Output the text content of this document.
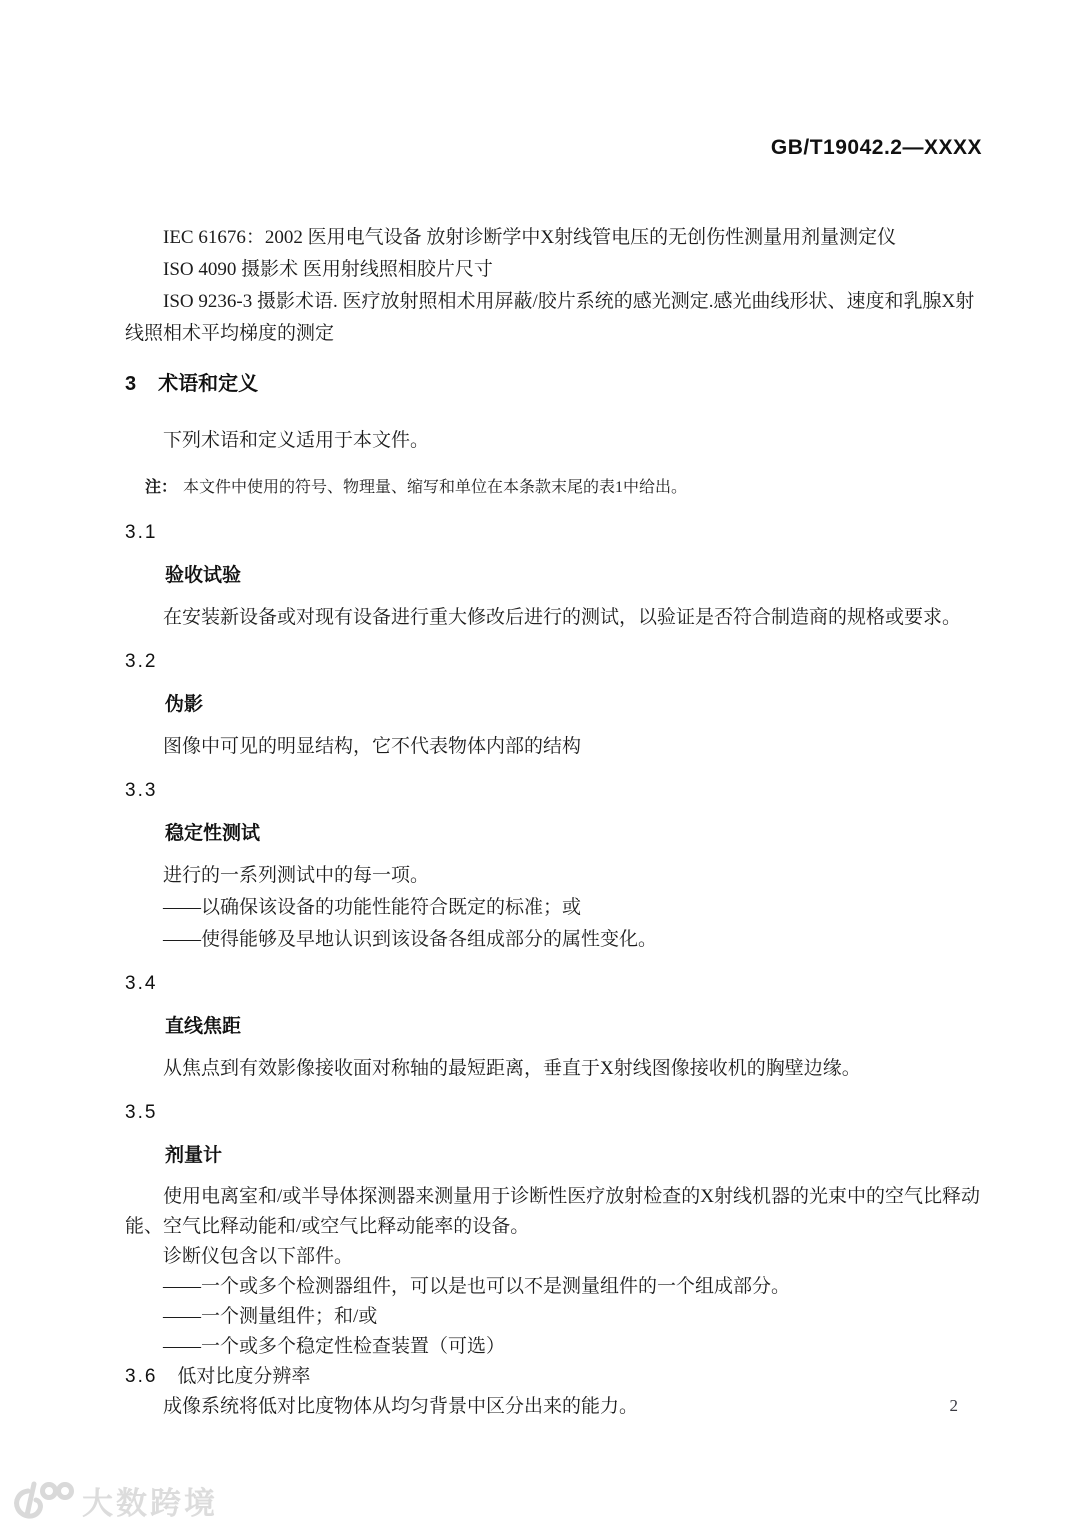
GB/T19042.2—XXXX

IEC 61676：2002 医用电气设备 放射诊断学中X射线管电压的无创伤性测量用剂量测定仪

ISO 4090 摄影术 医用射线照相胶片尺寸

ISO 9236-3 摄影术语. 医疗放射照相术用屏蔽/胶片系统的感光测定.感光曲线形状、速度和乳腺X射线照相术平均梯度的测定

3 术语和定义

下列术语和定义适用于本文件。

注： 本文件中使用的符号、物理量、缩写和单位在本条款末尾的表1中给出。

3.1
验收试验

在安装新设备或对现有设备进行重大修改后进行的测试，以验证是否符合制造商的规格或要求。

3.2
伪影

图像中可见的明显结构，它不代表物体内部的结构

3.3
稳定性测试

进行的一系列测试中的每一项。

——以确保该设备的功能性能符合既定的标准；或

——使得能够及早地认识到该设备各组成部分的属性变化。

3.4
直线焦距

从焦点到有效影像接收面对称轴的最短距离，垂直于X射线图像接收机的胸壁边缘。

3.5
剂量计

使用电离室和/或半导体探测器来测量用于诊断性医疗放射检查的X射线机器的光束中的空气比释动能、空气比释动能和/或空气比释动能率的设备。

诊断仪包含以下部件。

——一个或多个检测器组件，可以是也可以不是测量组件的一个组成部分。

——一个测量组件；和/或

——一个或多个稳定性检查装置（可选）

3.6 低对比度分辨率

成像系统将低对比度物体从均匀背景中区分出来的能力。	2
大数跨境
